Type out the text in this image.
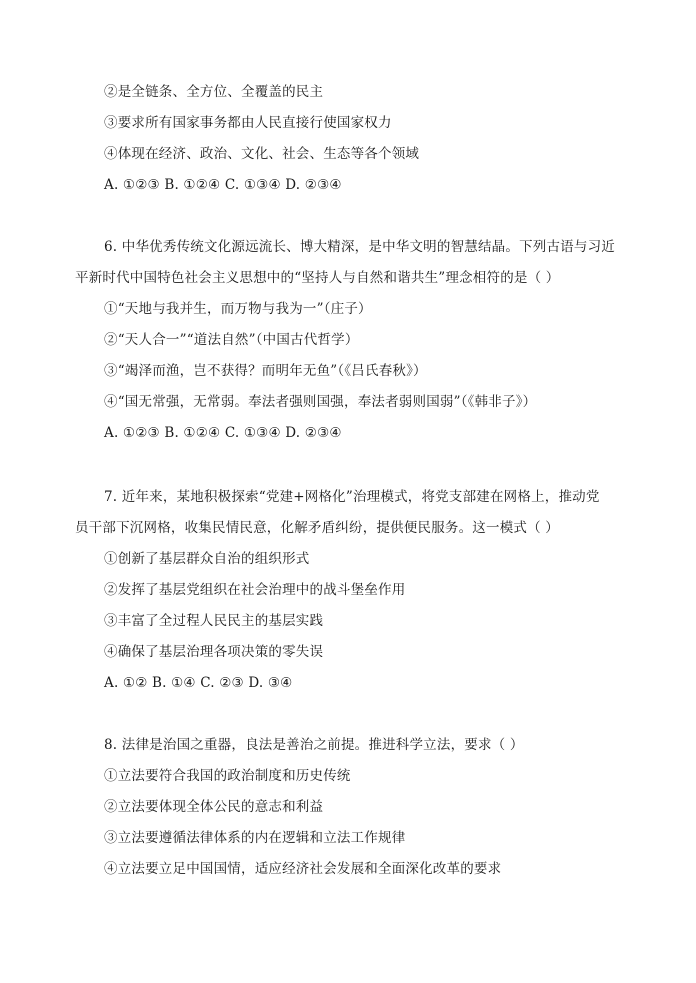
②是全链条、全方位、全覆盖的民主
③要求所有国家事务都由人民直接行使国家权力
④体现在经济、政治、文化、社会、生态等各个领域
A. ①②③ B. ①②④ C. ①③④ D. ②③④
6. 中华优秀传统文化源远流长、博大精深，是中华文明的智慧结晶。下列古语与习近
平新时代中国特色社会主义思想中的“坚持人与自然和谐共生”理念相符的是（ ）
①“天地与我并生，而万物与我为一”（庄子）
②“天人合一”“道法自然”（中国古代哲学）
③“竭泽而渔，岂不获得？而明年无鱼”（《吕氏春秋》）
④“国无常强，无常弱。奉法者强则国强，奉法者弱则国弱”（《韩非子》）
A. ①②③ B. ①②④ C. ①③④ D. ②③④
7. 近年来，某地积极探索“党建+网格化”治理模式，将党支部建在网格上，推动党
员干部下沉网格，收集民情民意，化解矛盾纠纷，提供便民服务。这一模式（ ）
①创新了基层群众自治的组织形式
②发挥了基层党组织在社会治理中的战斗堡垒作用
③丰富了全过程人民民主的基层实践
④确保了基层治理各项决策的零失误
A. ①② B. ①④ C. ②③ D. ③④
8. 法律是治国之重器，良法是善治之前提。推进科学立法，要求（ ）
①立法要符合我国的政治制度和历史传统
②立法要体现全体公民的意志和利益
③立法要遵循法律体系的内在逻辑和立法工作规律
④立法要立足中国国情，适应经济社会发展和全面深化改革的要求
